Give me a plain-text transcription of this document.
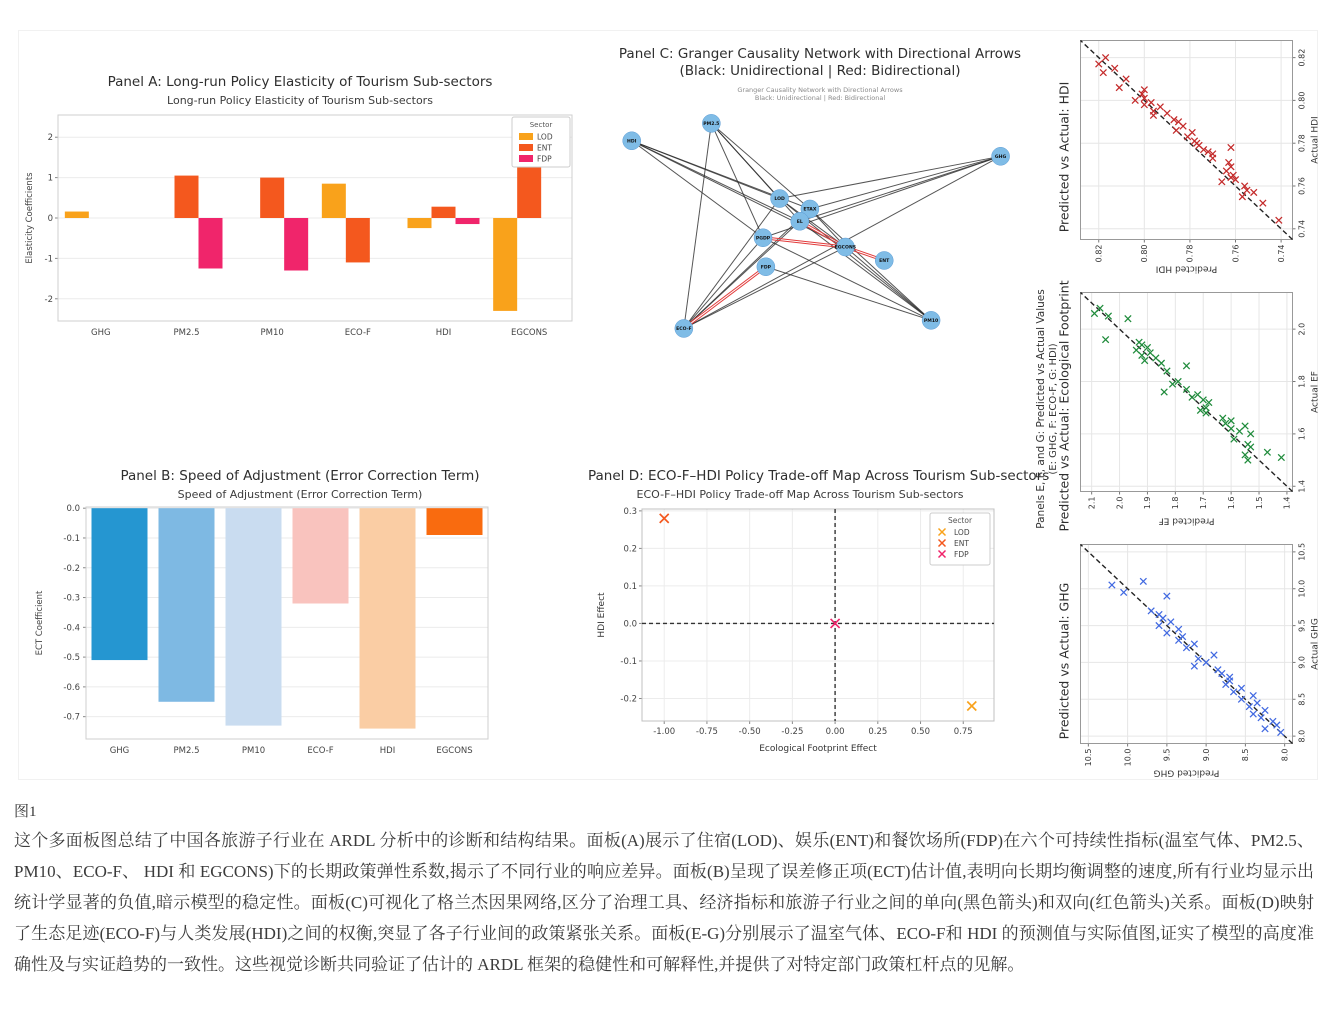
Panel A: Long-run Policy Elasticity of Tourism Sub-sectors
Long-run Policy Elasticity of Tourism Sub-sectors
-2
-1
0
1
2
Elasticity Coefficients
GHG	PM2.5	PM10	ECO-F	HDI	EGCONS
Sector
LOD
ENT
FDP
Panel B: Speed of Adjustment (Error Correction Term)
Speed of Adjustment (Error Correction Term)
0.0
-0.1
-0.2
-0.3
-0.4
-0.5
-0.6
-0.7
ECT Coefficient
GHG	PM2.5	PM10	ECO-F	HDI	EGCONS
Panel C: Granger Causality Network with Directional Arrows
(Black: Unidirectional | Red: Bidirectional)
Granger Causality Network with Directional Arrows
Black: Unidirectional | Red: Bidirectional
HDI
PM2.5
GHG
LOD
ETAX
EL
PGDP
EGCONS
ENT
FDP
ECO-F
PM10
Panel D: ECO-F–HDI Policy Trade-off Map Across Tourism Sub-sectors
ECO-F–HDI Policy Trade-off Map Across Tourism Sub-sectors
-1.00 -0.75 -0.50 -0.25	0.00	0.25	0.50	0.75
-0.2
-0.1
0.0
0.1
0.2
0.3
Ecological Footprint Effect
HDI Effect
Sector
LOD
ENT
FDP
Predicted vs Actual: HDI	0.74
0.76
0.78
0.80
0.82
0.74
0.76
0.78
0.80
0.82
Actual HDI
Predicted HDI
Predicted vs Actual: Ecological Footprint	1.4
1.6
1.8
2.0
1.4
1.5
1.6
1.7
1.8
1.9
2.0
2.1
Actual EF
Predicted EF
Predicted vs Actual: GHG	8.0
8.5
9.0
9.5
10.0
10.5
8.0
8.5
9.0
9.5
10.0
10.5
Actual GHG
Predicted GHG
Panels E, F, and G: Predicted vs Actual Values (E: GHG, F: ECO-F, G: HDI)
图1
这个多面板图总结了中国各旅游子行业在 ARDL 分析中的诊断和结构结果。面板(A)展示了住宿(LOD)、娱乐(ENT)和餐饮场所(FDP)在六个可持续性指标(温室气体、PM2.5、PM10、ECO-F、 HDI 和 EGCONS)下的长期政策弹性系数,揭示了不同行业的响应差异。面板(B)呈现了误差修正项(ECT)估计值,表明向长期均衡调整的速度,所有行业均显示出统计学显著的负值,暗示模型的稳定性。面板(C)可视化了格兰杰因果网络,区分了治理工具、经济指标和旅游子行业之间的单向(黑色箭头)和双向(红色箭头)关系。面板(D)映射了生态足迹(ECO-F)与人类发展(HDI)之间的权衡,突显了各子行业间的政策紧张关系。面板(E-G)分别展示了温室气体、ECO-F和 HDI 的预测值与实际值图,证实了模型的高度准确性及与实证趋势的一致性。这些视觉诊断共同验证了估计的 ARDL 框架的稳健性和可解释性,并提供了对特定部门政策杠杆点的见解。
